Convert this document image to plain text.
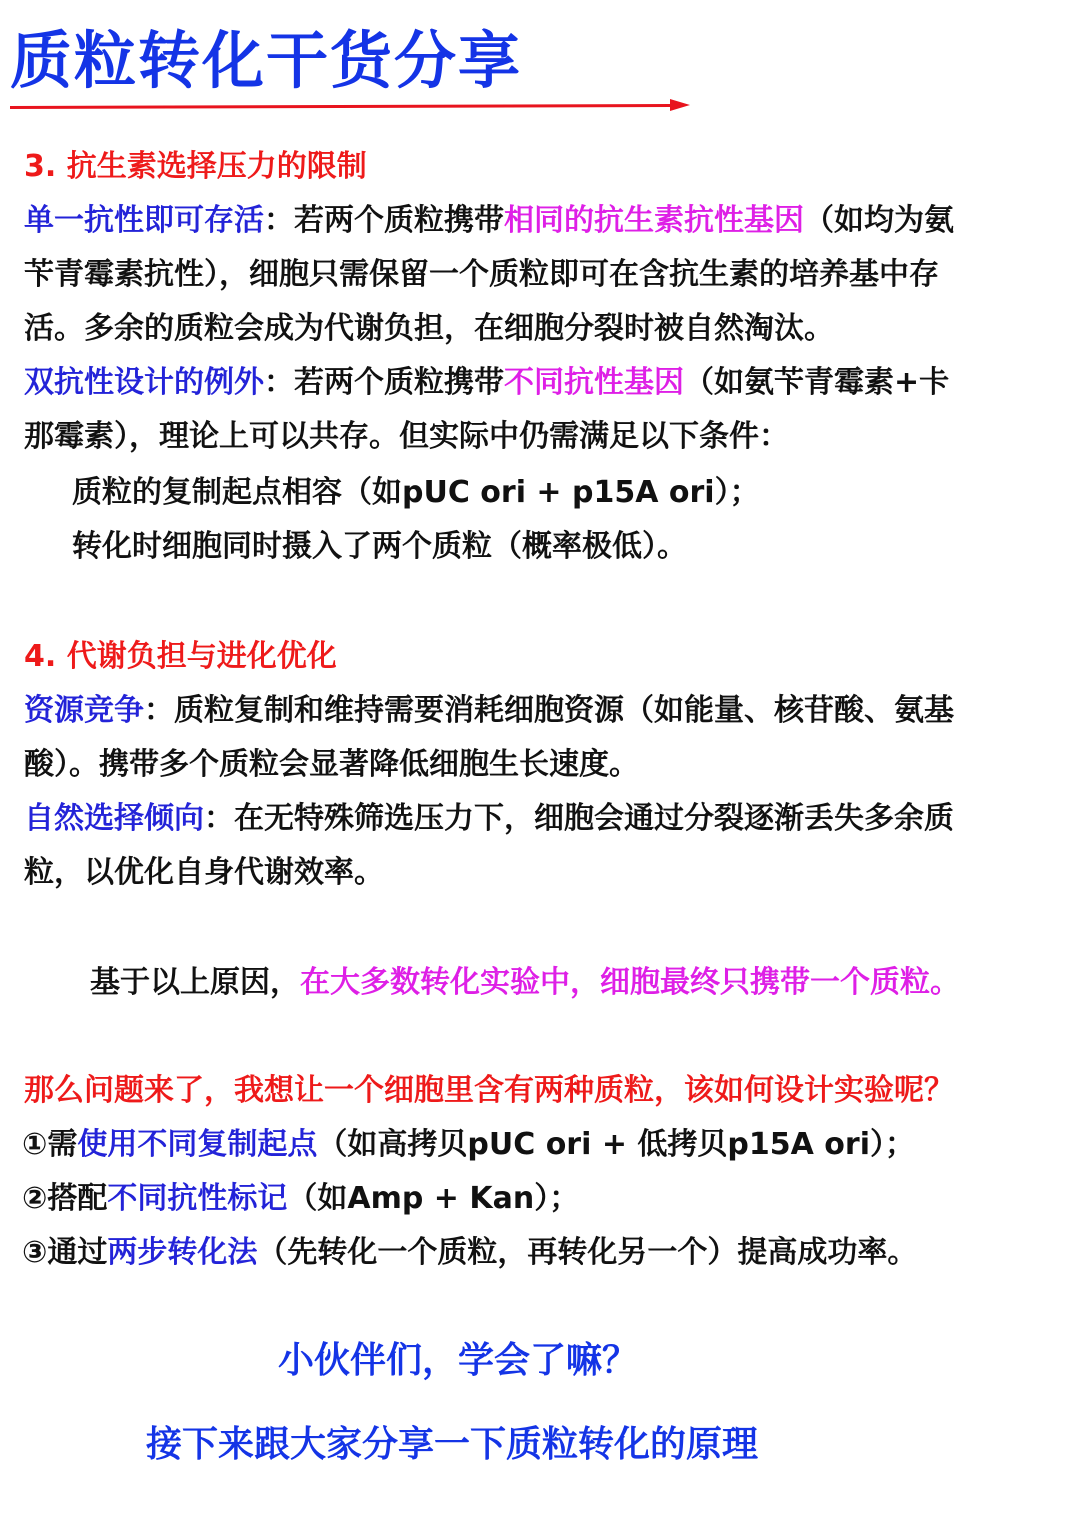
质粒转化干货分享
3. 抗生素选择压力的限制
单一抗性即可存活：若两个质粒携带相同的抗生素抗性基因（如均为氨
苄青霉素抗性），细胞只需保留一个质粒即可在含抗生素的培养基中存
活。多余的质粒会成为代谢负担，在细胞分裂时被自然淘汰。
双抗性设计的例外：若两个质粒携带不同抗性基因（如氨苄青霉素+卡
那霉素），理论上可以共存。但实际中仍需满足以下条件：
质粒的复制起点相容（如pUC ori + p15A ori）；
转化时细胞同时摄入了两个质粒（概率极低）。
4. 代谢负担与进化优化
资源竞争：质粒复制和维持需要消耗细胞资源（如能量、核苷酸、氨基
酸）。携带多个质粒会显著降低细胞生长速度。
自然选择倾向：在无特殊筛选压力下，细胞会通过分裂逐渐丢失多余质
粒，以优化自身代谢效率。
基于以上原因，在大多数转化实验中，细胞最终只携带一个质粒。
那么问题来了，我想让一个细胞里含有两种质粒，该如何设计实验呢？
①需使用不同复制起点（如高拷贝pUC ori + 低拷贝p15A ori）；
②搭配不同抗性标记（如Amp + Kan）；
③通过两步转化法（先转化一个质粒，再转化另一个）提高成功率。
小伙伴们，学会了嘛？
接下来跟大家分享一下质粒转化的原理
